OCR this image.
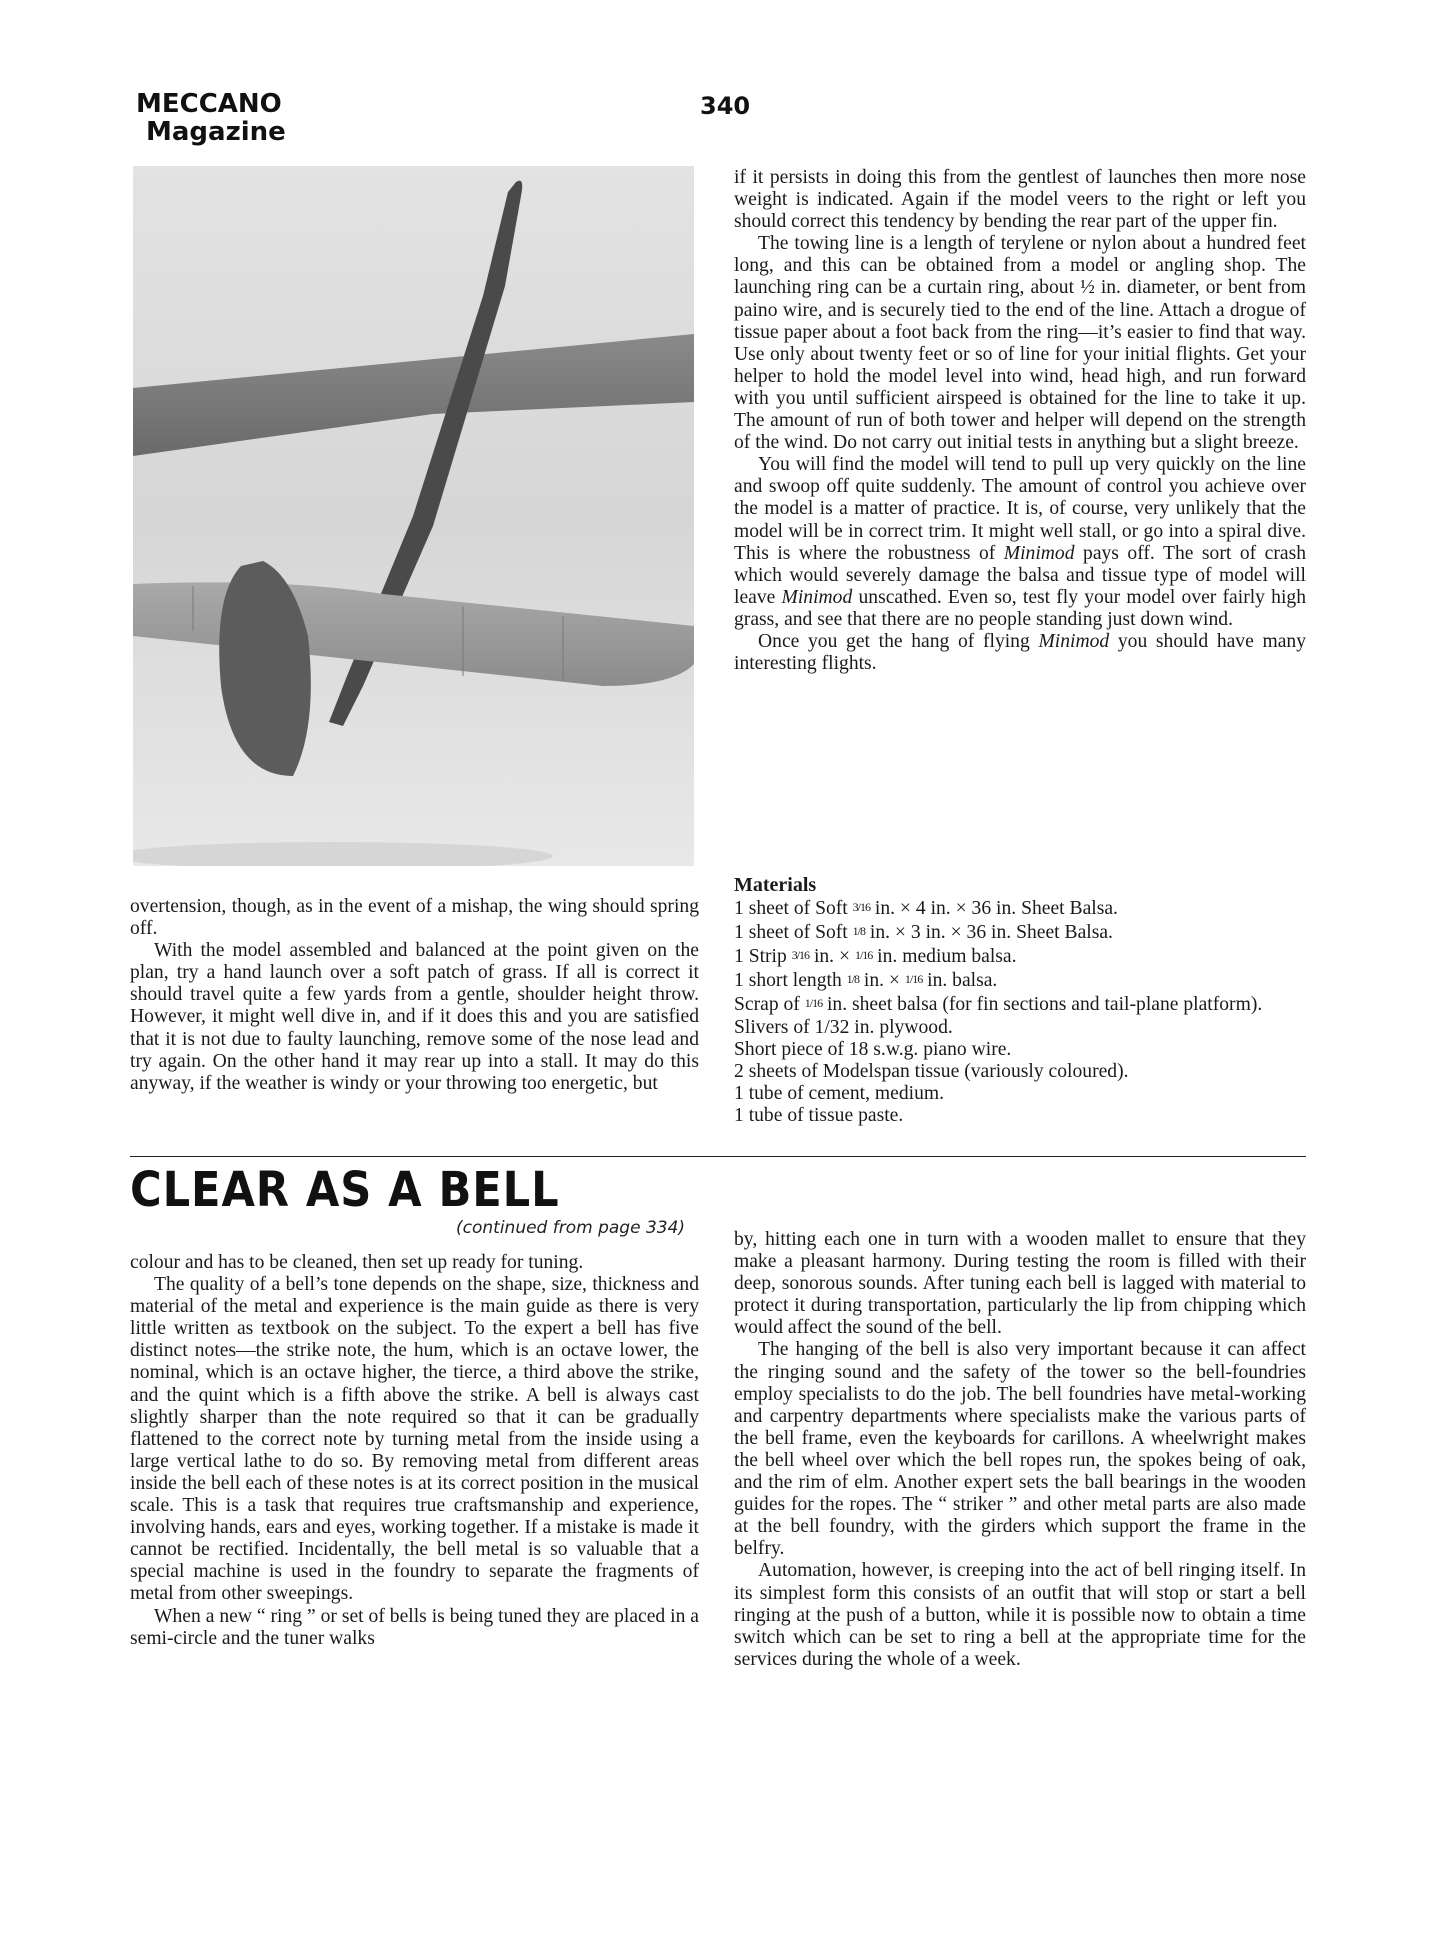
MECCANO
Magazine
340

overtension, though, as in the event of a mishap, the wing should spring off.

With the model assembled and balanced at the point given on the plan, try a hand launch over a soft patch of grass. If all is correct it should travel quite a few yards from a gentle, shoulder height throw. However, it might well dive in, and if it does this and you are satisfied that it is not due to faulty launching, remove some of the nose lead and try again. On the other hand it may rear up into a stall. It may do this anyway, if the weather is windy or your throwing too energetic, but

if it persists in doing this from the gentlest of launches then more nose weight is indicated. Again if the model veers to the right or left you should correct this tendency by bending the rear part of the upper fin.

The towing line is a length of terylene or nylon about a hundred feet long, and this can be obtained from a model or angling shop. The launching ring can be a curtain ring, about ½ in. diameter, or bent from paino wire, and is securely tied to the end of the line. Attach a drogue of tissue paper about a foot back from the ring—it’s easier to find that way. Use only about twenty feet or so of line for your initial flights. Get your helper to hold the model level into wind, head high, and run forward with you until sufficient airspeed is obtained for the line to take it up. The amount of run of both tower and helper will depend on the strength of the wind. Do not carry out initial tests in anything but a slight breeze.

You will find the model will tend to pull up very quickly on the line and swoop off quite suddenly. The amount of control you achieve over the model is a matter of practice. It is, of course, very unlikely that the model will be in correct trim. It might well stall, or go into a spiral dive. This is where the robustness of Minimod pays off. The sort of crash which would severely damage the balsa and tissue type of model will leave Minimod unscathed. Even so, test fly your model over fairly high grass, and see that there are no people standing just down wind.

Once you get the hang of flying Minimod you should have many interesting flights.

Materials
1 sheet of Soft 3/16 in. × 4 in. × 36 in. Sheet Balsa.
1 sheet of Soft 1/8 in. × 3 in. × 36 in. Sheet Balsa.
1 Strip 3/16 in. × 1/16 in. medium balsa.
1 short length 1/8 in. × 1/16 in. balsa.
Scrap of 1/16 in. sheet balsa (for fin sections and tail-plane platform).
Slivers of 1/32 in. plywood.
Short piece of 18 s.w.g. piano wire.
2 sheets of Modelspan tissue (variously coloured).
1 tube of cement, medium.
1 tube of tissue paste.
CLEAR AS A BELL
(continued from page 334)

colour and has to be cleaned, then set up ready for tuning.

The quality of a bell’s tone depends on the shape, size, thickness and material of the metal and experience is the main guide as there is very little written as textbook on the subject. To the expert a bell has five distinct notes—the strike note, the hum, which is an octave lower, the nominal, which is an octave higher, the tierce, a third above the strike, and the quint which is a fifth above the strike. A bell is always cast slightly sharper than the note required so that it can be gradually flattened to the correct note by turning metal from the inside using a large vertical lathe to do so. By removing metal from different areas inside the bell each of these notes is at its correct position in the musical scale. This is a task that requires true craftsmanship and experience, involving hands, ears and eyes, working together. If a mistake is made it cannot be rectified. Incidentally, the bell metal is so valuable that a special machine is used in the foundry to separate the fragments of metal from other sweepings.

When a new “ ring ” or set of bells is being tuned they are placed in a semi-circle and the tuner walks

by, hitting each one in turn with a wooden mallet to ensure that they make a pleasant harmony. During testing the room is filled with their deep, sonorous sounds. After tuning each bell is lagged with material to protect it during transportation, particularly the lip from chipping which would affect the sound of the bell.

The hanging of the bell is also very important because it can affect the ringing sound and the safety of the tower so the bell-foundries employ specialists to do the job. The bell foundries have metal-working and carpentry departments where specialists make the various parts of the bell frame, even the keyboards for carillons. A wheelwright makes the bell wheel over which the bell ropes run, the spokes being of oak, and the rim of elm. Another expert sets the ball bearings in the wooden guides for the ropes. The “ striker ” and other metal parts are also made at the bell foundry, with the girders which support the frame in the belfry.

Automation, however, is creeping into the act of bell ringing itself. In its simplest form this consists of an outfit that will stop or start a bell ringing at the push of a button, while it is possible now to obtain a time switch which can be set to ring a bell at the appropriate time for the services during the whole of a week.
